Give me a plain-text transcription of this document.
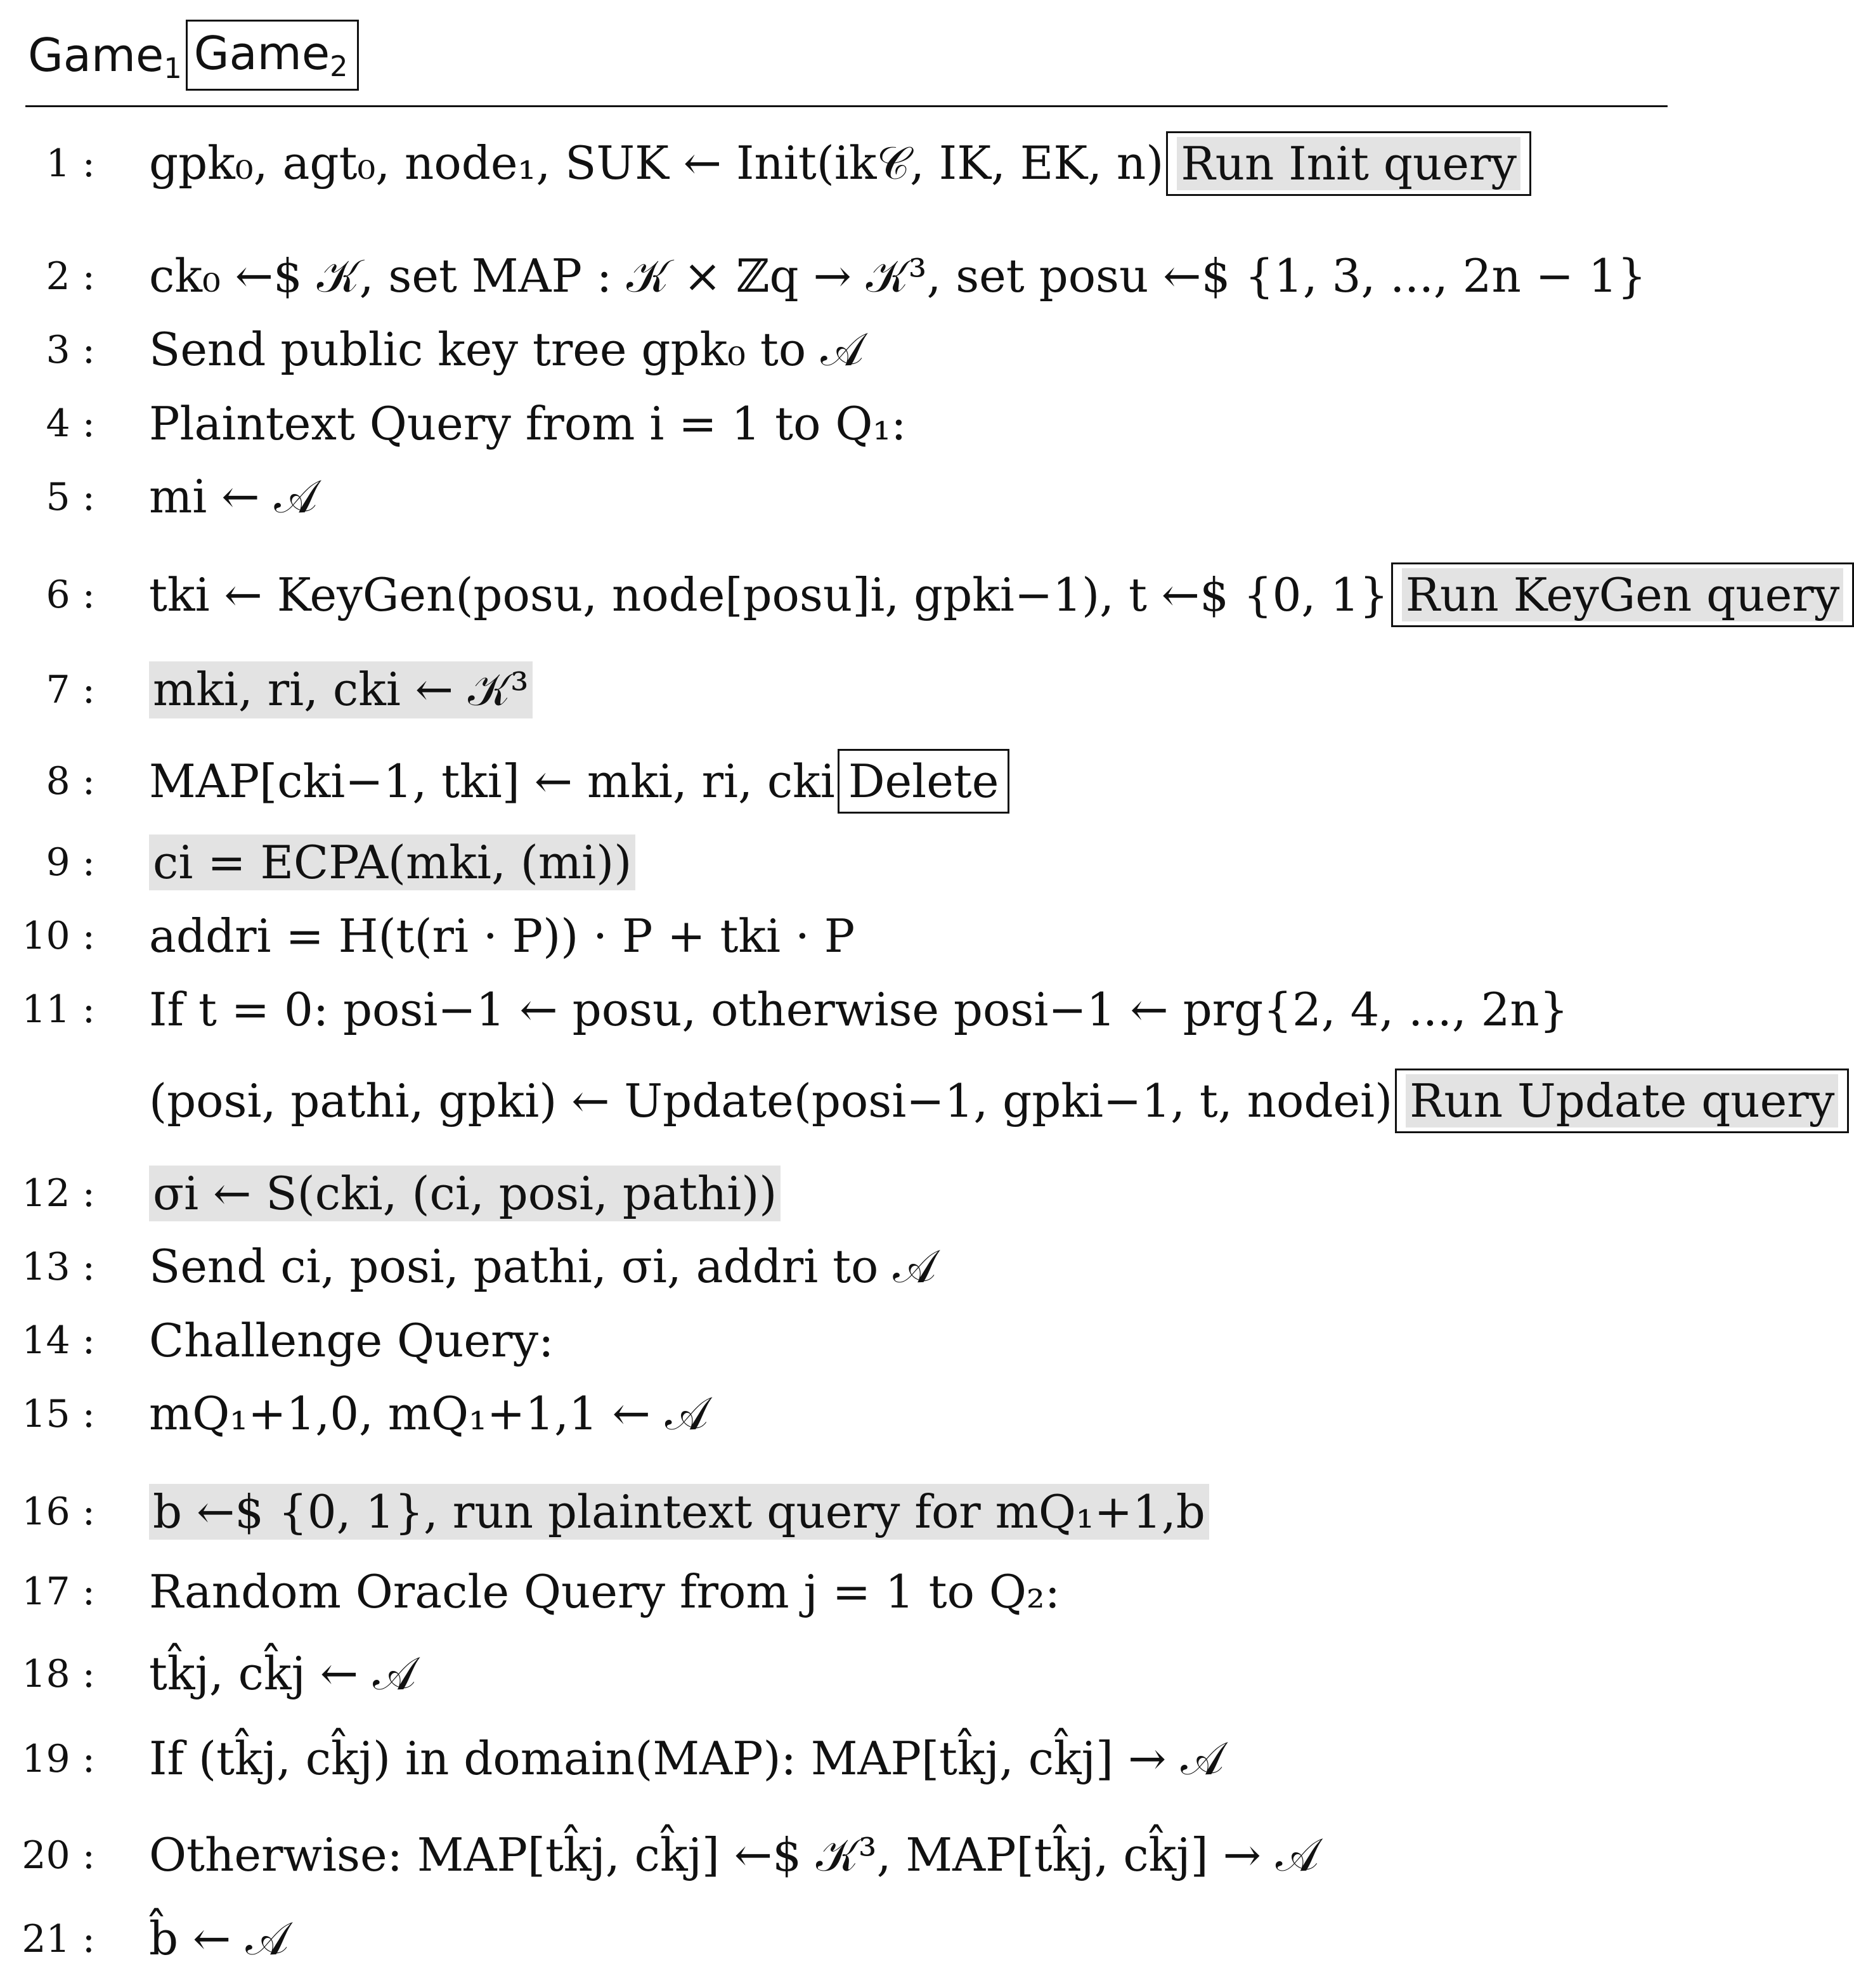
Game$_1$ Game$_2$
1 : gpk₀, agt₀, node₁, SUK ← Init(ik𝒞, IK, EK, n) Run Init query
2 : ck₀ ←$ 𝒦, set MAP : 𝒦 × ℤq → 𝒦³, set posu ←$ {1, 3, ..., 2n − 1}
3 : Send public key tree gpk₀ to 𝒜
4 : Plaintext Query from i = 1 to Q₁:
5 : mi ← 𝒜
6 : tki ← KeyGen(posu, node[posu]i, gpki−1), t ←$ {0, 1} Run KeyGen query
7 : mki, ri, cki ← 𝒦³
8 : MAP[cki−1, tki] ← mki, ri, cki Delete
9 : ci = ECPA(mki, (mi))
10 : addri = H(t(ri · P)) · P + tki · P
11 : If t = 0: posi−1 ← posu, otherwise posi−1 ← prg{2, 4, ..., 2n}
(posi, pathi, gpki) ← Update(posi−1, gpki−1, t, nodei) Run Update query
12 : σi ← S(cki, (ci, posi, pathi))
13 : Send ci, posi, pathi, σi, addri to 𝒜
14 : Challenge Query:
15 : mQ₁+1,0, mQ₁+1,1 ← 𝒜
16 : b ←$ {0, 1}, run plaintext query for mQ₁+1,b
17 : Random Oracle Query from j = 1 to Q₂:
18 : tk̂j, ck̂j ← 𝒜
19 : If (tk̂j, ck̂j) in domain(MAP): MAP[tk̂j, ck̂j] → 𝒜
20 : Otherwise: MAP[tk̂j, ck̂j] ←$ 𝒦³, MAP[tk̂j, ck̂j] → 𝒜
21 : b̂ ← 𝒜
